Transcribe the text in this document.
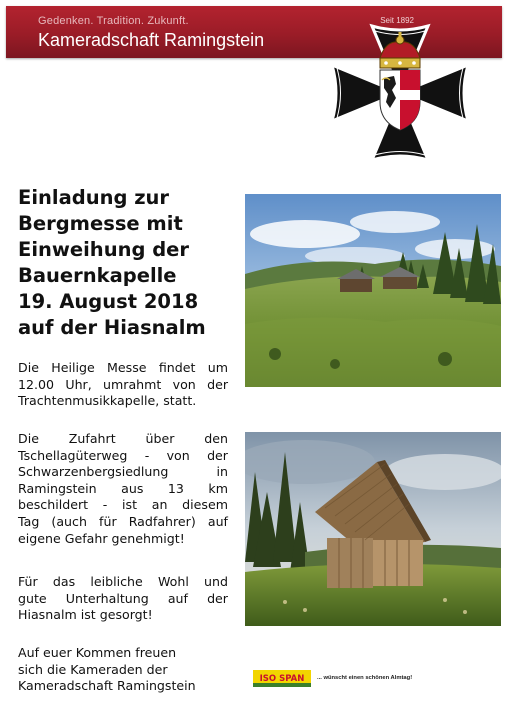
Gedenken. Tradition. Zukunft.
Kameradschaft Ramingstein
Seit 1892
Einladung zur
Bergmesse mit
Einweihung der
Bauernkapelle
19. August 2018
auf der Hiasnalm
Die Heilige Messe findet um
12.00 Uhr, umrahmt von der
Trachtenmusikkapelle, statt.
Die Zufahrt über den
Tschellagüterweg - von der
Schwarzenbergsiedlung in
Ramingstein aus 13 km
beschildert - ist an diesem
Tag (auch für Radfahrer) auf
eigene Gefahr genehmigt!
Für das leibliche Wohl und
gute Unterhaltung auf der
Hiasnalm ist gesorgt!
Auf euer Kommen freuen
sich die Kameraden der
Kameradschaft Ramingstein	ISO SPAN ... wünscht einen schönen Almtag!
